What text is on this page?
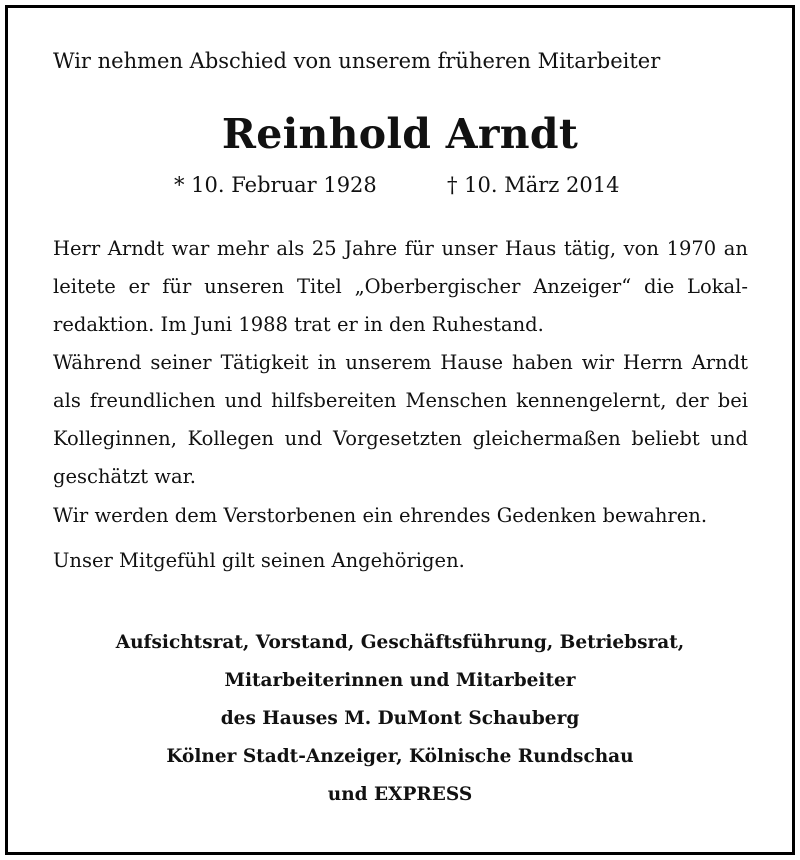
Wir nehmen Abschied von unserem früheren Mitarbeiter
Reinhold Arndt
* 10. Februar 1928	† 10. März 2014
Herr Arndt war mehr als 25 Jahre für unser Haus tätig, von 1970 an
leitete er für unseren Titel „Oberbergischer Anzeiger“ die Lokal-
redaktion. Im Juni 1988 trat er in den Ruhestand.
Während seiner Tätigkeit in unserem Hause haben wir Herrn Arndt
als freundlichen und hilfsbereiten Menschen kennengelernt, der bei
Kolleginnen, Kollegen und Vorgesetzten gleichermaßen beliebt und
geschätzt war.
Wir werden dem Verstorbenen ein ehrendes Gedenken bewahren.
Unser Mitgefühl gilt seinen Angehörigen.
Aufsichtsrat, Vorstand, Geschäftsführung, Betriebsrat,
Mitarbeiterinnen und Mitarbeiter
des Hauses M. DuMont Schauberg
Kölner Stadt-Anzeiger, Kölnische Rundschau
und EXPRESS
